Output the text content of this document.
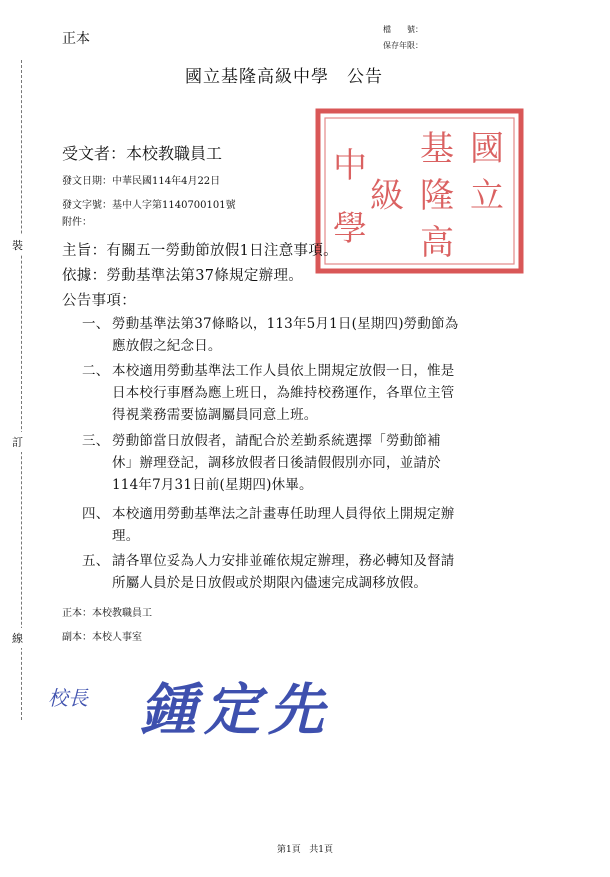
裝
訂
線
正本
檔　　號：
保存年限：
國立基隆高級中學 公告
國
立
基
隆
高
級
中
學
受文者：本校教職員工
發文日期：中華民國114年4月22日
發文字號：基中人字第1140700101號
附件：
主旨：有關五一勞動節放假1日注意事項。
依據：勞動基準法第37條規定辦理。
公告事項：
一、 勞動基準法第37條略以，113年5月1日(星期四)勞動節為
應放假之紀念日。
二、 本校適用勞動基準法工作人員依上開規定放假一日，惟是
日本校行事曆為應上班日，為維持校務運作，各單位主管
得視業務需要協調屬員同意上班。
三、 勞動節當日放假者，請配合於差勤系統選擇「勞動節補
休」辦理登記，調移放假者日後請假假別亦同，並請於
114年7月31日前(星期四)休畢。
四、 本校適用勞動基準法之計畫專任助理人員得依上開規定辦
理。
五、 請各單位妥為人力安排並確依規定辦理，務必轉知及督請
所屬人員於是日放假或於期限內儘速完成調移放假。
正本：本校教職員工
副本：本校人事室
校長 鍾定先
第1頁 共1頁
